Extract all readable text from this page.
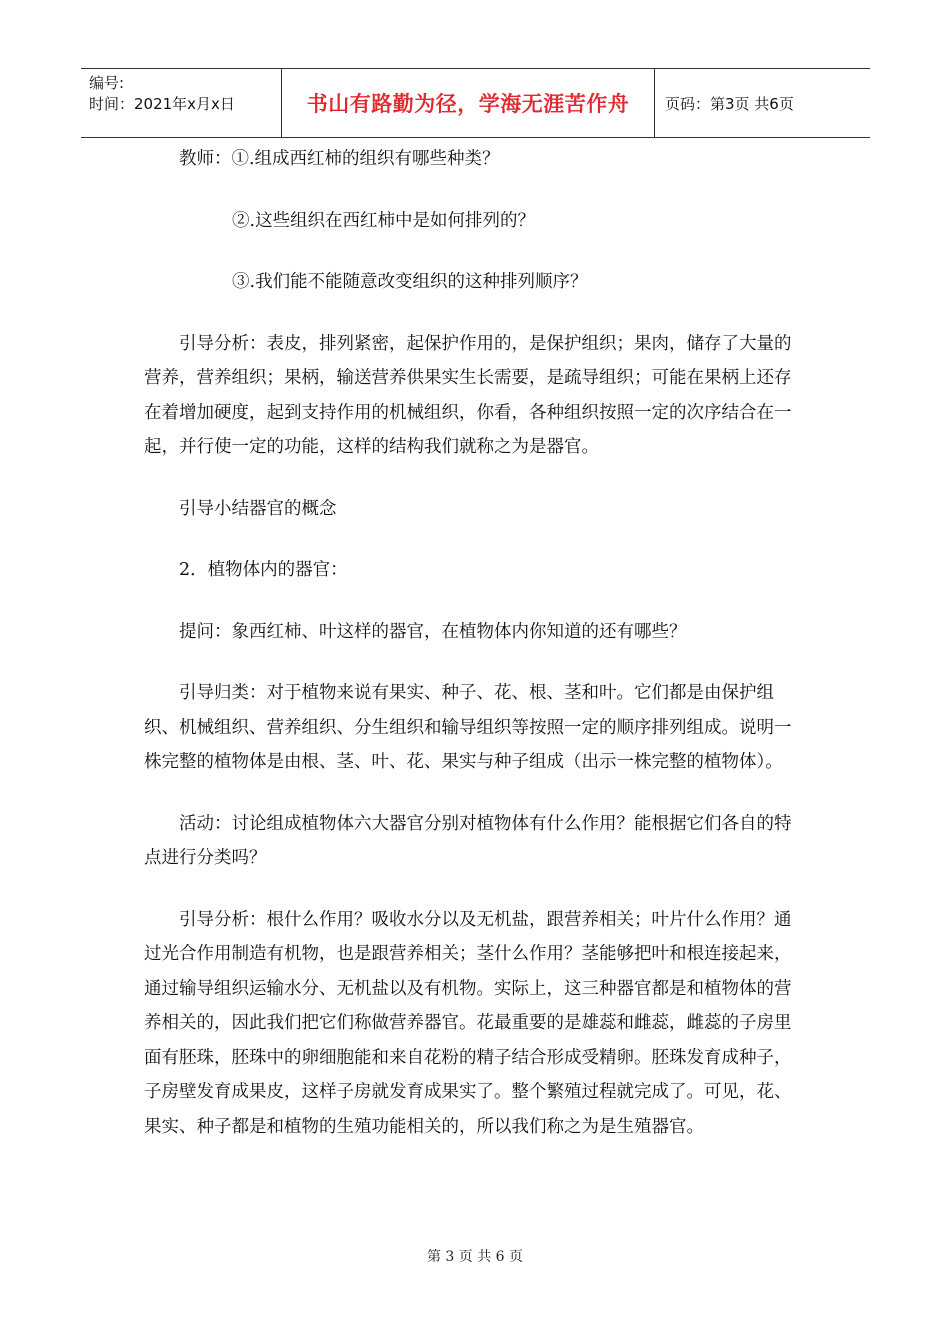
编号:
时间：2021年x月x日	书山有路勤为径，学海无涯苦作舟	页码：第3页 共6页

教师：①.组成西红柿的组织有哪些种类？

②.这些组织在西红柿中是如何排列的？

③.我们能不能随意改变组织的这种排列顺序？

引导分析：表皮，排列紧密，起保护作用的，是保护组织；果肉，储存了大量的营养，营养组织；果柄，输送营养供果实生长需要，是疏导组织；可能在果柄上还存在着增加硬度，起到支持作用的机械组织，你看，各种组织按照一定的次序结合在一起，并行使一定的功能，这样的结构我们就称之为是器官。

引导小结器官的概念

2．植物体内的器官：

提问：象西红柿、叶这样的器官，在植物体内你知道的还有哪些？

引导归类：对于植物来说有果实、种子、花、根、茎和叶。它们都是由保护组织、机械组织、营养组织、分生组织和输导组织等按照一定的顺序排列组成。说明一株完整的植物体是由根、茎、叶、花、果实与种子组成（出示一株完整的植物体）。

活动：讨论组成植物体六大器官分别对植物体有什么作用？能根据它们各自的特点进行分类吗？

引导分析：根什么作用？吸收水分以及无机盐，跟营养相关；叶片什么作用？通过光合作用制造有机物，也是跟营养相关；茎什么作用？茎能够把叶和根连接起来，通过输导组织运输水分、无机盐以及有机物。实际上，这三种器官都是和植物体的营养相关的，因此我们把它们称做营养器官。花最重要的是雄蕊和雌蕊，雌蕊的子房里面有胚珠，胚珠中的卵细胞能和来自花粉的精子结合形成受精卵。胚珠发育成种子，子房壁发育成果皮，这样子房就发育成果实了。整个繁殖过程就完成了。可见，花、果实、种子都是和植物的生殖功能相关的，所以我们称之为是生殖器官。

第 3 页 共 6 页
